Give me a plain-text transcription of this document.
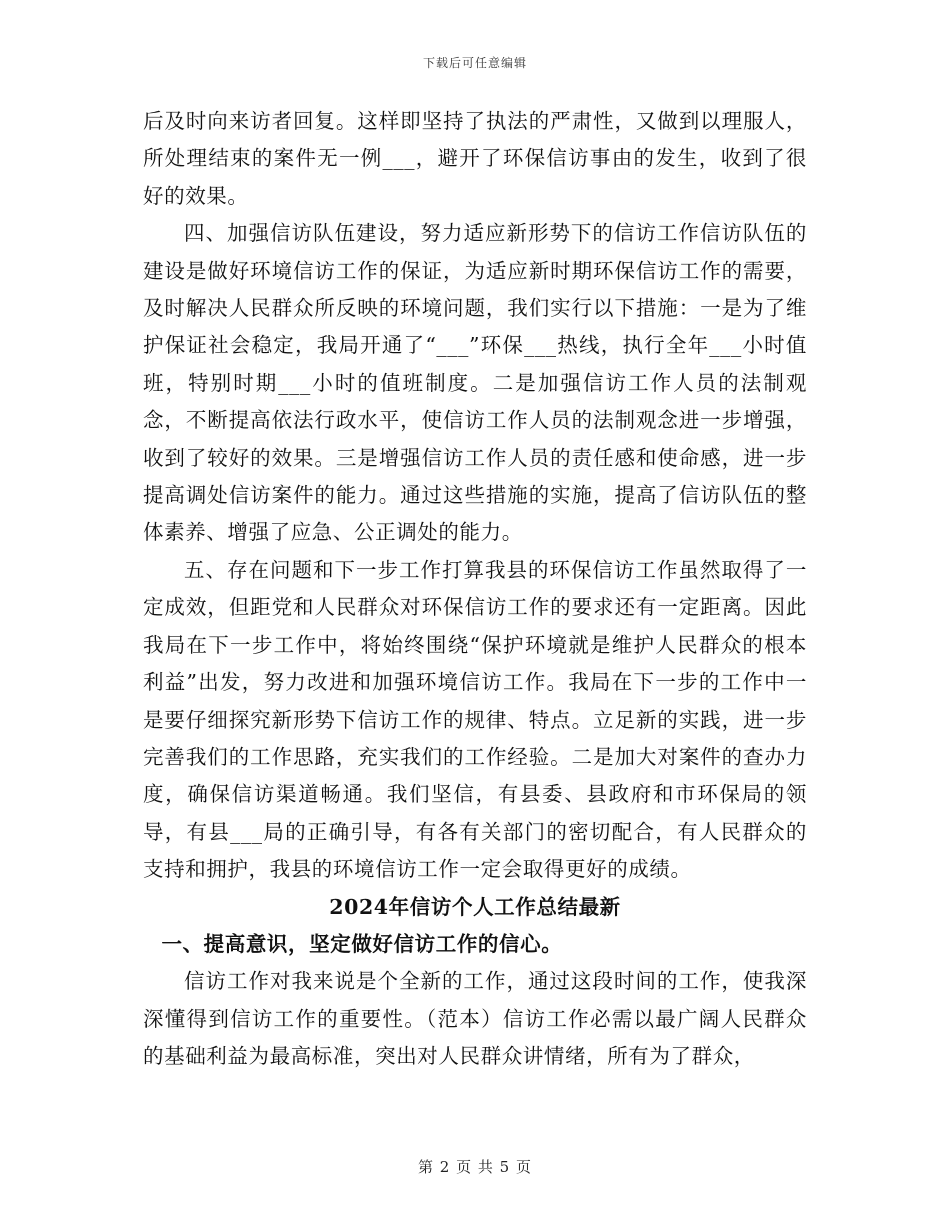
下载后可任意编辑

后及时向来访者回复。这样即坚持了执法的严肃性，又做到以理服人，所处理结束的案件无一例___，避开了环保信访事由的发生，收到了很好的效果。

四、加强信访队伍建设，努力适应新形势下的信访工作信访队伍的建设是做好环境信访工作的保证，为适应新时期环保信访工作的需要，及时解决人民群众所反映的环境问题，我们实行以下措施：一是为了维护保证社会稳定，我局开通了“___”环保___热线，执行全年___小时值班，特别时期___小时的值班制度。二是加强信访工作人员的法制观念，不断提高依法行政水平，使信访工作人员的法制观念进一步增强，收到了较好的效果。三是增强信访工作人员的责任感和使命感，进一步提高调处信访案件的能力。通过这些措施的实施，提高了信访队伍的整体素养、增强了应急、公正调处的能力。

五、存在问题和下一步工作打算我县的环保信访工作虽然取得了一定成效，但距党和人民群众对环保信访工作的要求还有一定距离。因此我局在下一步工作中，将始终围绕“保护环境就是维护人民群众的根本利益”出发，努力改进和加强环境信访工作。我局在下一步的工作中一是要仔细探究新形势下信访工作的规律、特点。立足新的实践，进一步完善我们的工作思路，充实我们的工作经验。二是加大对案件的查办力度，确保信访渠道畅通。我们坚信，有县委、县政府和市环保局的领导，有县___局的正确引导，有各有关部门的密切配合，有人民群众的支持和拥护，我县的环境信访工作一定会取得更好的成绩。

2024年信访个人工作总结最新

一、提高意识，坚定做好信访工作的信心。

信访工作对我来说是个全新的工作，通过这段时间的工作，使我深深懂得到信访工作的重要性。（范本）信访工作必需以最广阔人民群众的基础利益为最高标准，突出对人民群众讲情绪，所有为了群众，

第 2 页 共 5 页
